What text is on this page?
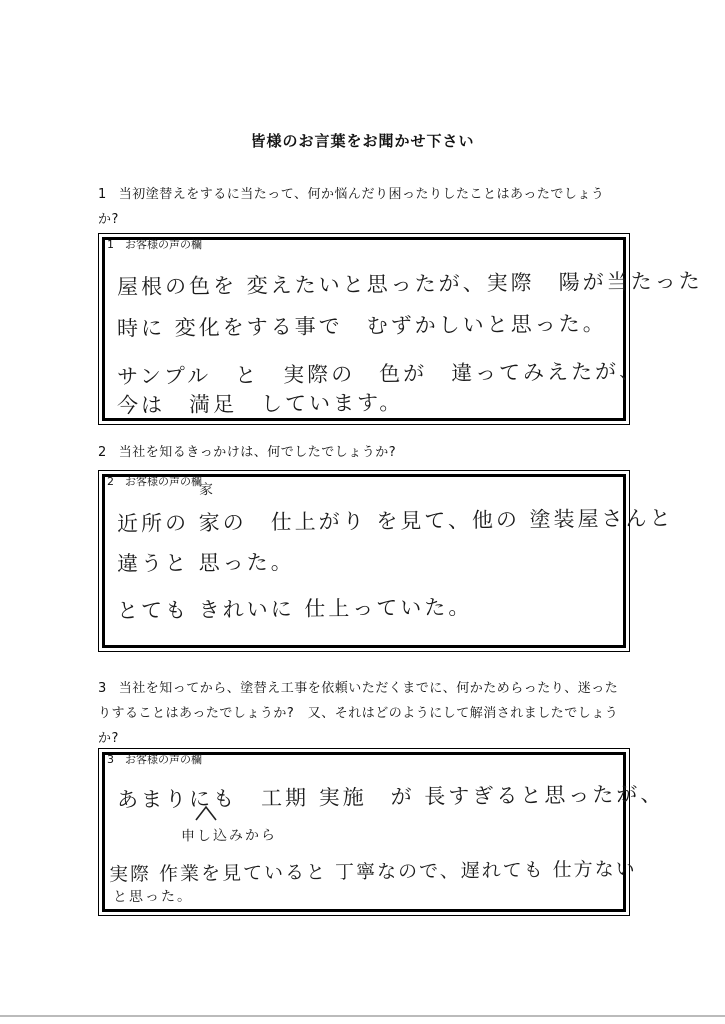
皆様のお言葉をお聞かせ下さい
1 当初塗替えをするに当たって、何か悩んだり困ったりしたことはあったでしょう
か?
1　お客様の声の欄
屋根の色を 変えたいと思ったが、実際　陽が当たった
時に 変化をする事で　むずかしいと思った。
サンプル　と　実際の　色が　違ってみえたが、
今は　満足　しています。
2 当社を知るきっかけは、何でしたでしょうか?
2　お客様の声の欄
家
近所の 家の　仕上がり を見て、他の 塗装屋さんと
違うと 思った。
とても きれいに 仕上っていた。
3 当社を知ってから、塗替え工事を依頼いただくまでに、何かためらったり、迷った
りすることはあったでしょうか?　又、それはどのようにして解消されましたでしょう
か?
3　お客様の声の欄
あまりにも　工期 実施　が 長すぎると思ったが、
申し込みから
実際 作業を見ていると 丁寧なので、遅れても 仕方ない
と思った。
